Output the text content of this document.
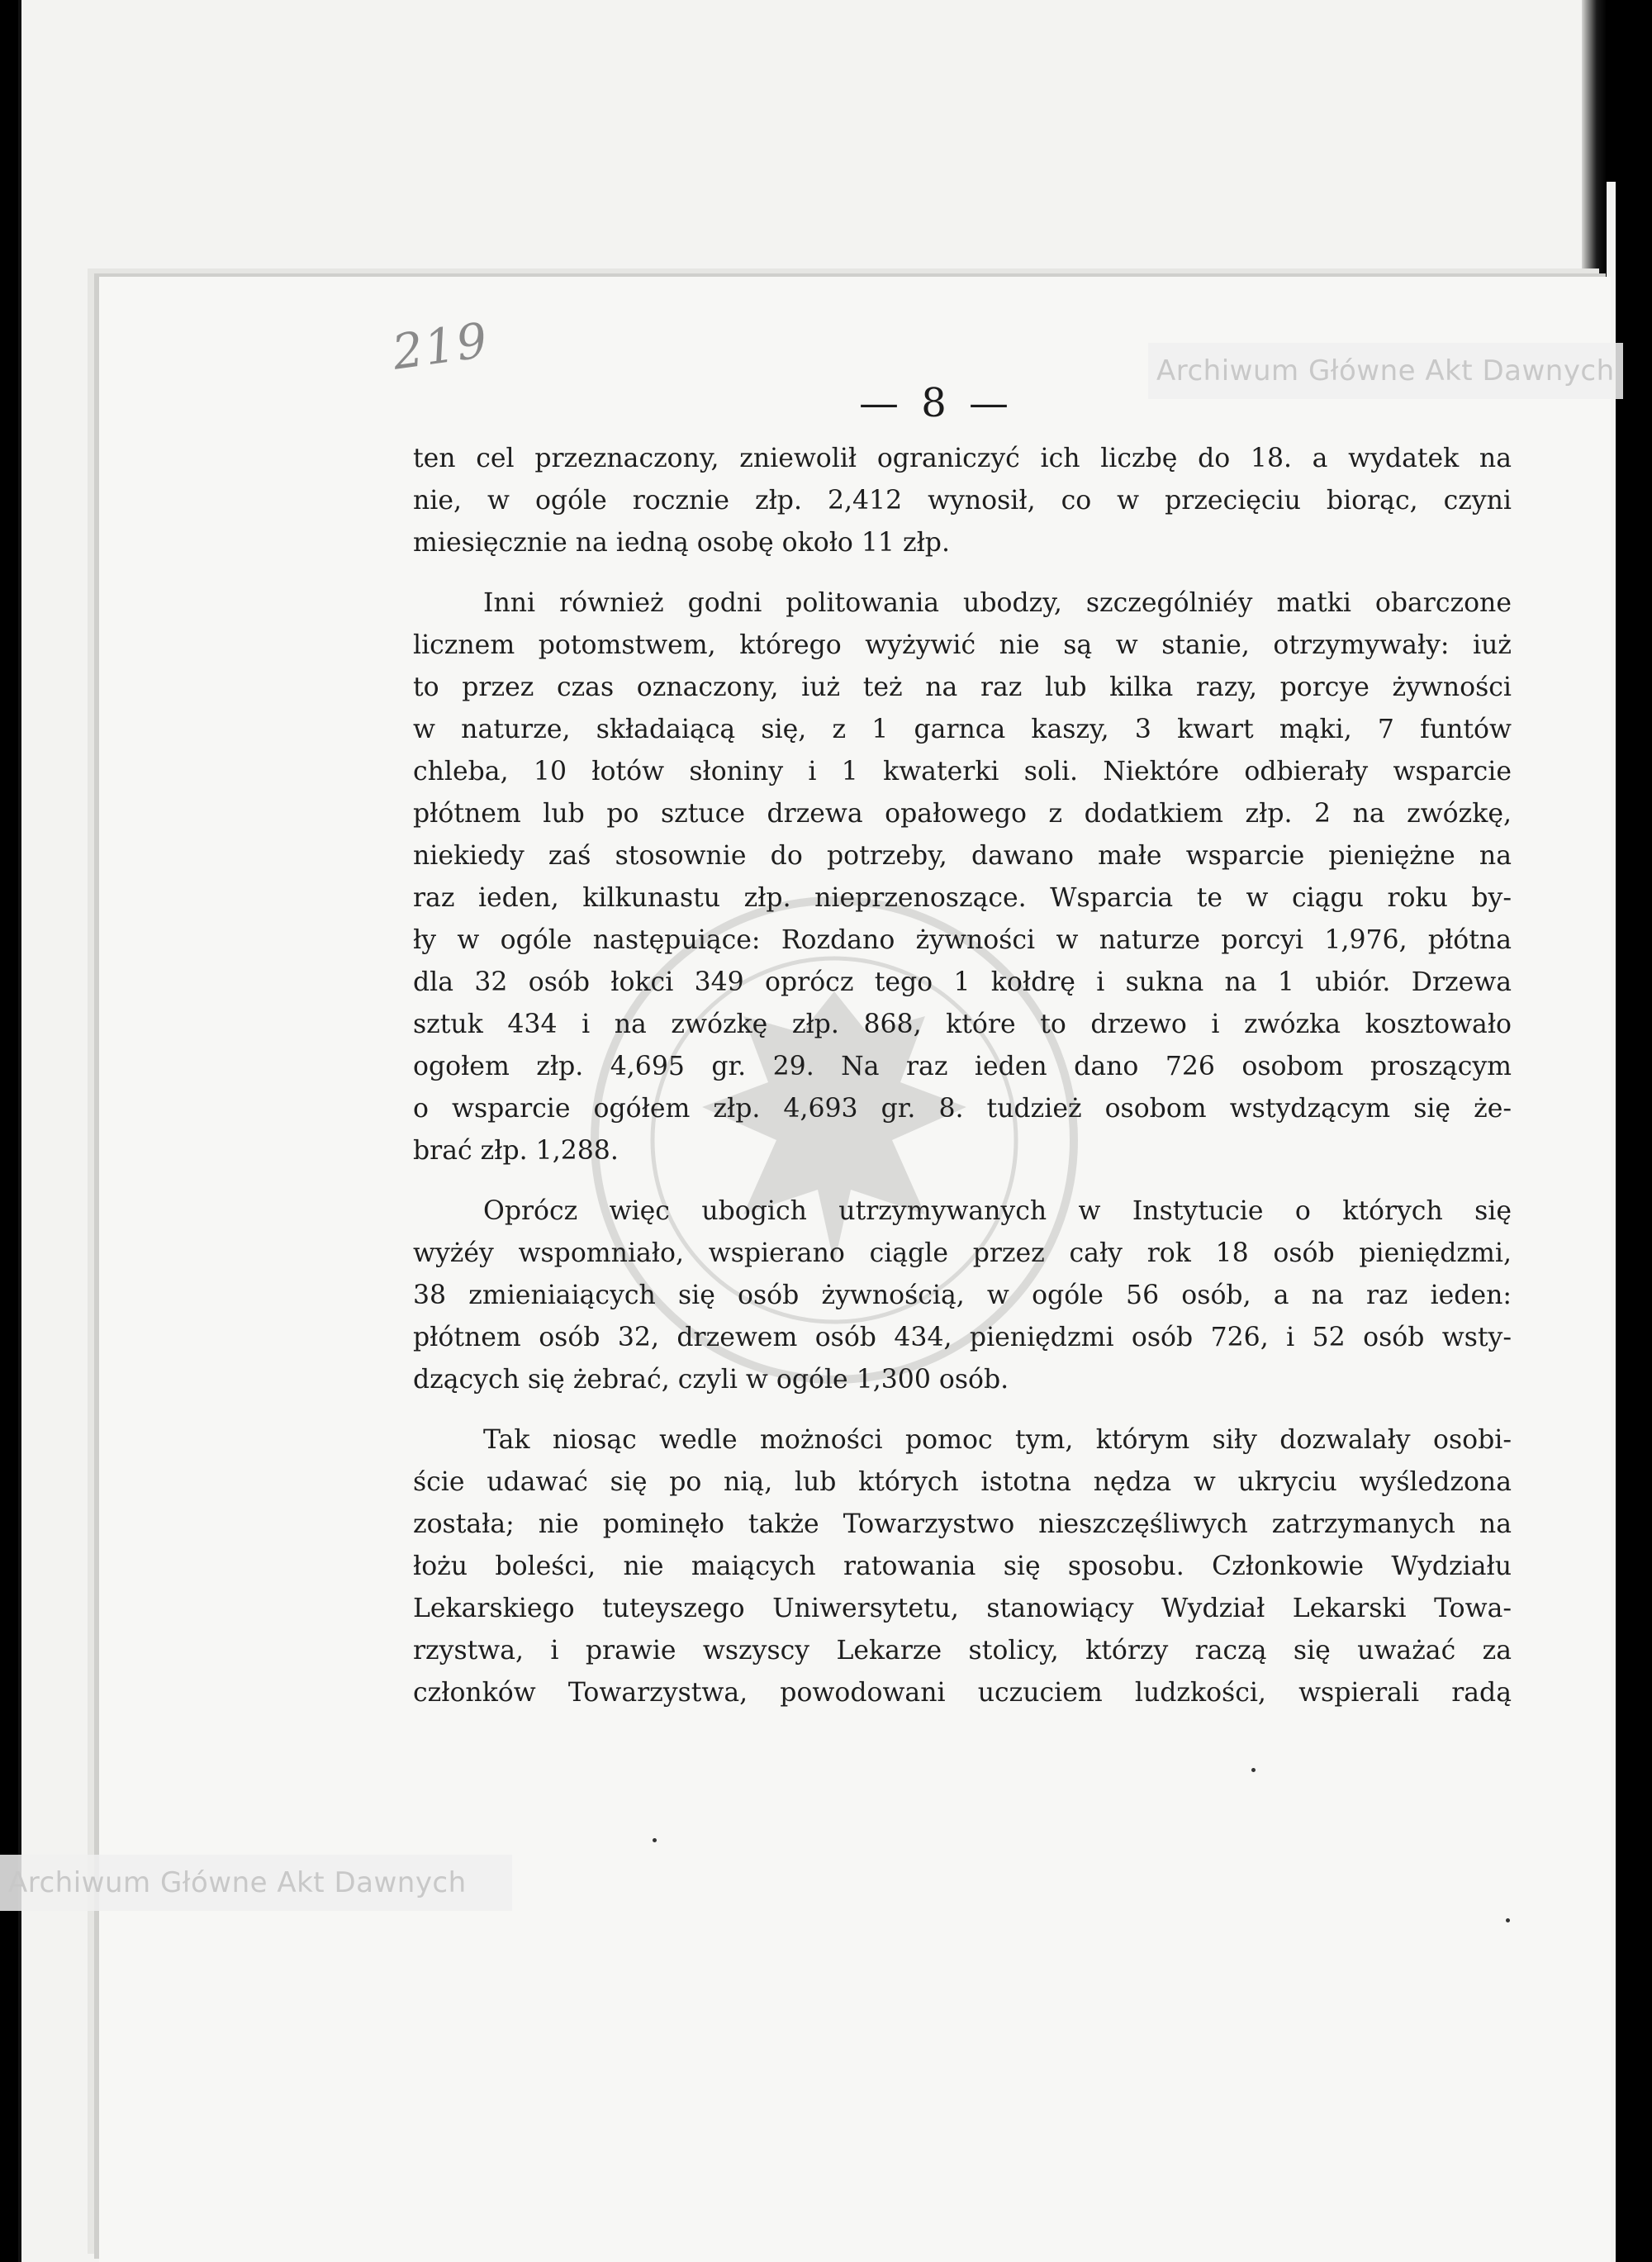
Archiwum Główne Akt Dawnych
Archiwum Główne Akt Dawnych
219
— 8 —
ten cel przeznaczony, zniewolił ograniczyć ich liczbę do 18. a wydatek na
nie, w ogóle rocznie złp. 2,412 wynosił, co w przecięciu biorąc, czyni
miesięcznie na iedną osobę około 11 złp.
Inni również godni politowania ubodzy, szczególniéy matki obarczone
licznem potomstwem, którego wyżywić nie są w stanie, otrzymywały: iuż
to przez czas oznaczony, iuż też na raz lub kilka razy, porcye żywności
w naturze, składaiącą się, z 1 garnca kaszy, 3 kwart mąki, 7 funtów
chleba, 10 łotów słoniny i 1 kwaterki soli. Niektóre odbierały wsparcie
płótnem lub po sztuce drzewa opałowego z dodatkiem złp. 2 na zwózkę,
niekiedy zaś stosownie do potrzeby, dawano małe wsparcie pieniężne na
raz ieden, kilkunastu złp. nieprzenoszące. Wsparcia te w ciągu roku by-
ły w ogóle następuiące: Rozdano żywności w naturze porcyi 1,976, płótna
dla 32 osób łokci 349 oprócz tego 1 kołdrę i sukna na 1 ubiór. Drzewa
sztuk 434 i na zwózkę złp. 868, które to drzewo i zwózka kosztowało
ogołem złp. 4,695 gr. 29. Na raz ieden dano 726 osobom proszącym
o wsparcie ogółem złp. 4,693 gr. 8. tudzież osobom wstydzącym się że-
brać złp. 1,288.
Oprócz więc ubogich utrzymywanych w Instytucie o których się
wyżéy wspomniało, wspierano ciągle przez cały rok 18 osób pieniędzmi,
38 zmieniaiących się osób żywnością, w ogóle 56 osób, a na raz ieden:
płótnem osób 32, drzewem osób 434, pieniędzmi osób 726, i 52 osób wsty-
dzących się żebrać, czyli w ogóle 1,300 osób.
Tak niosąc wedle możności pomoc tym, którym siły dozwalały osobi-
ście udawać się po nią, lub których istotna nędza w ukryciu wyśledzona
została; nie pominęło także Towarzystwo nieszczęśliwych zatrzymanych na
łożu boleści, nie maiących ratowania się sposobu. Członkowie Wydziału
Lekarskiego tuteyszego Uniwersytetu, stanowiący Wydział Lekarski Towa-
rzystwa, i prawie wszyscy Lekarze stolicy, którzy raczą się uważać za
członków Towarzystwa, powodowani uczuciem ludzkości, wspierali radą
